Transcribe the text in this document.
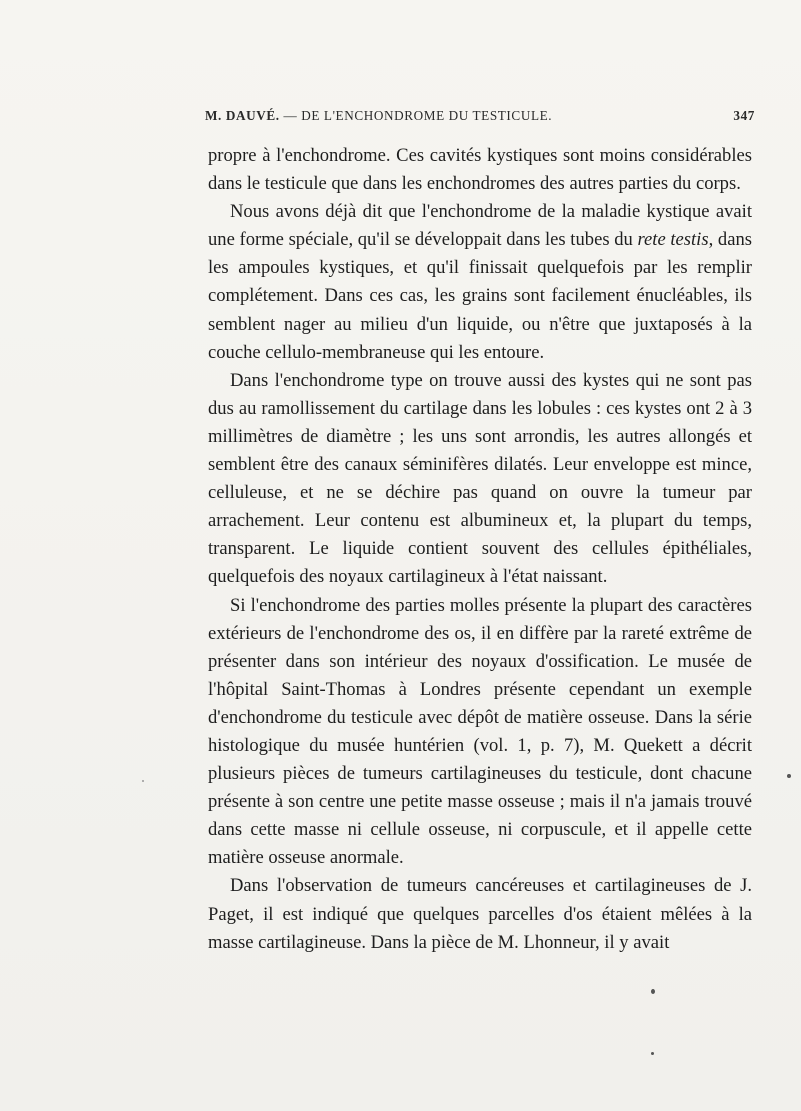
M. DAUVÉ. — DE L'ENCHONDROME DU TESTICULE.	347

propre à l'enchondrome. Ces cavités kystiques sont moins considérables dans le testicule que dans les enchondromes des autres parties du corps.

Nous avons déjà dit que l'enchondrome de la maladie kystique avait une forme spéciale, qu'il se développait dans les tubes du rete testis, dans les ampoules kystiques, et qu'il finissait quelquefois par les remplir complétement. Dans ces cas, les grains sont facilement énucléables, ils semblent nager au milieu d'un liquide, ou n'être que juxtaposés à la couche cellulo-membraneuse qui les entoure.

Dans l'enchondrome type on trouve aussi des kystes qui ne sont pas dus au ramollissement du cartilage dans les lobules : ces kystes ont 2 à 3 millimètres de diamètre ; les uns sont arrondis, les autres allongés et semblent être des canaux séminifères dilatés. Leur enveloppe est mince, celluleuse, et ne se déchire pas quand on ouvre la tumeur par arrachement. Leur contenu est albumineux et, la plupart du temps, transparent. Le liquide contient souvent des cellules épithéliales, quelquefois des noyaux cartilagineux à l'état naissant.

Si l'enchondrome des parties molles présente la plupart des caractères extérieurs de l'enchondrome des os, il en diffère par la rareté extrême de présenter dans son intérieur des noyaux d'ossification. Le musée de l'hôpital Saint-Thomas à Londres présente cependant un exemple d'enchondrome du testicule avec dépôt de matière osseuse. Dans la série histologique du musée huntérien (vol. 1, p. 7), M. Quekett a décrit plusieurs pièces de tumeurs cartilagineuses du testicule, dont chacune présente à son centre une petite masse osseuse ; mais il n'a jamais trouvé dans cette masse ni cellule osseuse, ni corpuscule, et il appelle cette matière osseuse anormale.

Dans l'observation de tumeurs cancéreuses et cartilagineuses de J. Paget, il est indiqué que quelques parcelles d'os étaient mêlées à la masse cartilagineuse. Dans la pièce de M. Lhonneur, il y avait
